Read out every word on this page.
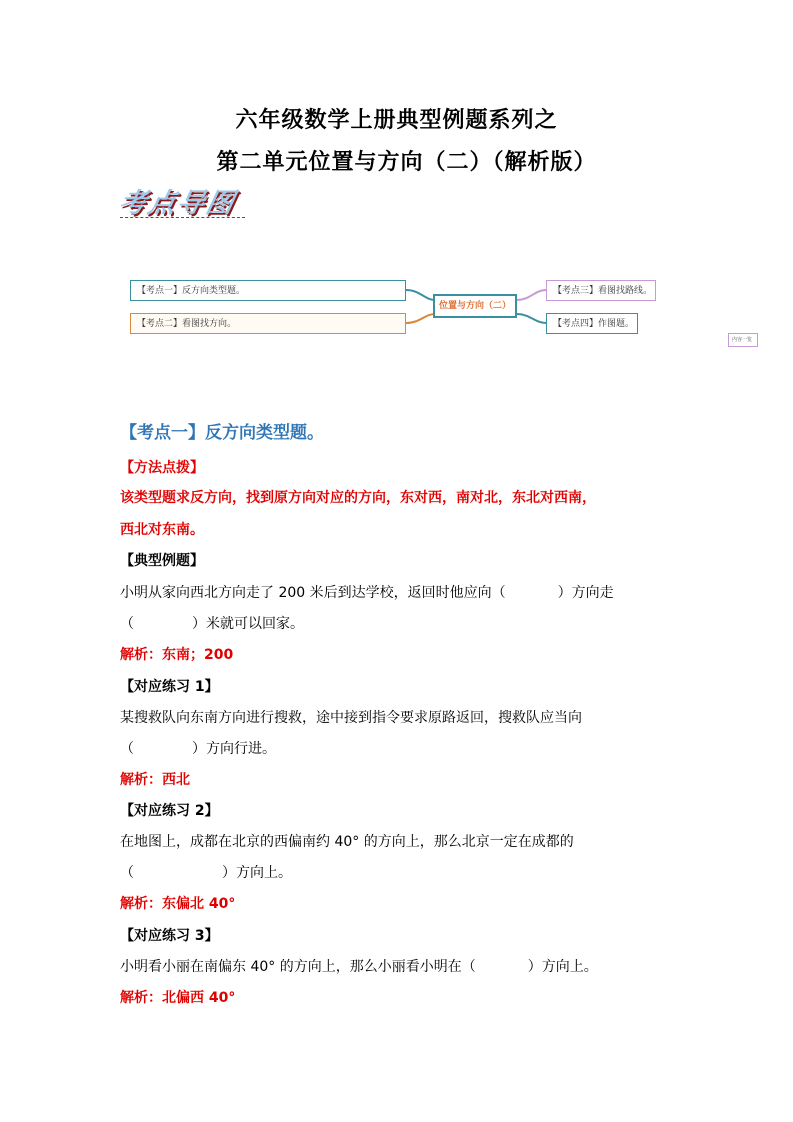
六年级数学上册典型例题系列之
第二单元位置与方向（二）（解析版）
考点导图
【考点一】反方向类型题。
【考点二】看图找方向。
位置与方向（二）
【考点三】看图找路线。
【考点四】作图题。
内容一览
【考点一】反方向类型题。
【方法点拨】
该类型题求反方向，找到原方向对应的方向，东对西，南对北，东北对西南，
西北对东南。
【典型例题】
小明从家向西北方向走了 200 米后到达学校，返回时他应向（	）方向走
（	）米就可以回家。
解析：东南；200
【对应练习 1】
某搜救队向东南方向进行搜救，途中接到指令要求原路返回，搜救队应当向
（	）方向行进。
解析：西北
【对应练习 2】
在地图上，成都在北京的西偏南约 40° 的方向上，那么北京一定在成都的
（	）方向上。
解析：东偏北 40°
【对应练习 3】
小明看小丽在南偏东 40° 的方向上，那么小丽看小明在（	）方向上。
解析：北偏西 40°
